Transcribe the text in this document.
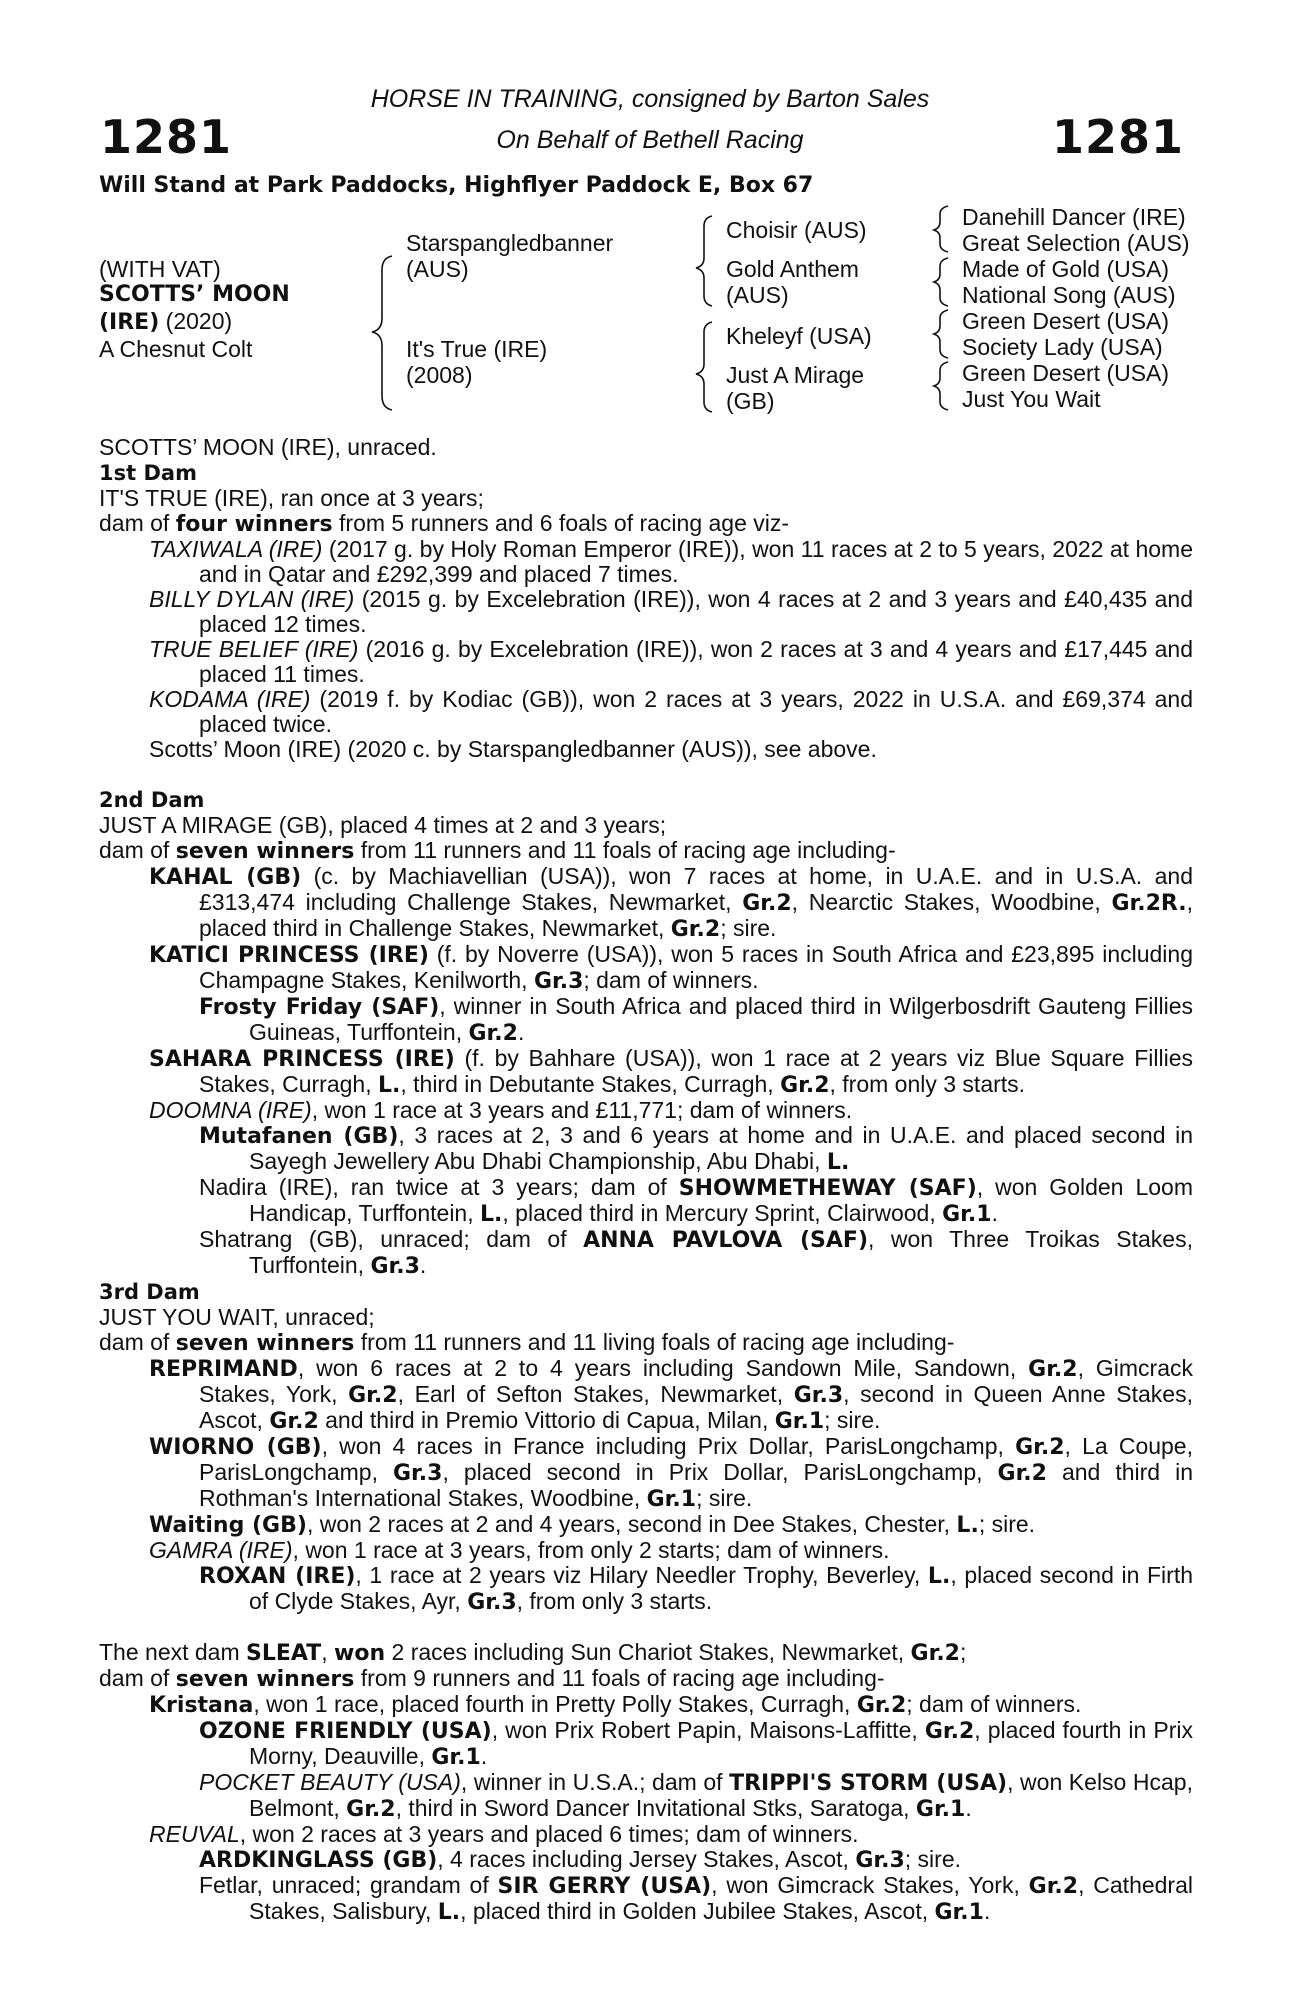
1281	1281
HORSE IN TRAINING, consigned by Barton Sales
On Behalf of Bethell Racing
Will Stand at Park Paddocks, Highflyer Paddock E, Box 67
(WITH VAT)
SCOTTS’ MOON
(IRE) (2020)
A Chesnut Colt
Starspangledbanner
(AUS)
It's True (IRE)
(2008)
Choisir (AUS)
Gold Anthem
(AUS)
Kheleyf (USA)
Just A Mirage
(GB)
Danehill Dancer (IRE)
Great Selection (AUS)
Made of Gold (USA)
National Song (AUS)
Green Desert (USA)
Society Lady (USA)
Green Desert (USA)
Just You Wait
SCOTTS’ MOON (IRE), unraced.
1st Dam
IT'S TRUE (IRE), ran once at 3 years;
dam of four winners from 5 runners and 6 foals of racing age viz-
TAXIWALA (IRE) (2017 g. by Holy Roman Emperor (IRE)), won 11 races at 2 to 5 years, 2022 at home and in Qatar and £292,399 and placed 7 times.
BILLY DYLAN (IRE) (2015 g. by Excelebration (IRE)), won 4 races at 2 and 3 years and £40,435 and placed 12 times.
TRUE BELIEF (IRE) (2016 g. by Excelebration (IRE)), won 2 races at 3 and 4 years and £17,445 and placed 11 times.
KODAMA (IRE) (2019 f. by Kodiac (GB)), won 2 races at 3 years, 2022 in U.S.A. and £69,374 and placed twice.
Scotts’ Moon (IRE) (2020 c. by Starspangledbanner (AUS)), see above.
2nd Dam
JUST A MIRAGE (GB), placed 4 times at 2 and 3 years;
dam of seven winners from 11 runners and 11 foals of racing age including-
KAHAL (GB) (c. by Machiavellian (USA)), won 7 races at home, in U.A.E. and in U.S.A. and £313,474 including Challenge Stakes, Newmarket, Gr.2, Nearctic Stakes, Woodbine, Gr.2R., placed third in Challenge Stakes, Newmarket, Gr.2; sire.
KATICI PRINCESS (IRE) (f. by Noverre (USA)), won 5 races in South Africa and £23,895 including Champagne Stakes, Kenilworth, Gr.3; dam of winners.
Frosty Friday (SAF), winner in South Africa and placed third in Wilgerbosdrift Gauteng Fillies Guineas, Turffontein, Gr.2.
SAHARA PRINCESS (IRE) (f. by Bahhare (USA)), won 1 race at 2 years viz Blue Square Fillies Stakes, Curragh, L., third in Debutante Stakes, Curragh, Gr.2, from only 3 starts.
DOOMNA (IRE), won 1 race at 3 years and £11,771; dam of winners.
Mutafanen (GB), 3 races at 2, 3 and 6 years at home and in U.A.E. and placed second in Sayegh Jewellery Abu Dhabi Championship, Abu Dhabi, L.
Nadira (IRE), ran twice at 3 years; dam of SHOWMETHEWAY (SAF), won Golden Loom Handicap, Turffontein, L., placed third in Mercury Sprint, Clairwood, Gr.1.
Shatrang (GB), unraced; dam of ANNA PAVLOVA (SAF), won Three Troikas Stakes, Turffontein, Gr.3.
3rd Dam
JUST YOU WAIT, unraced;
dam of seven winners from 11 runners and 11 living foals of racing age including-
REPRIMAND, won 6 races at 2 to 4 years including Sandown Mile, Sandown, Gr.2, Gimcrack Stakes, York, Gr.2, Earl of Sefton Stakes, Newmarket, Gr.3, second in Queen Anne Stakes, Ascot, Gr.2 and third in Premio Vittorio di Capua, Milan, Gr.1; sire.
WIORNO (GB), won 4 races in France including Prix Dollar, ParisLongchamp, Gr.2, La Coupe, ParisLongchamp, Gr.3, placed second in Prix Dollar, ParisLongchamp, Gr.2 and third in Rothman's International Stakes, Woodbine, Gr.1; sire.
Waiting (GB), won 2 races at 2 and 4 years, second in Dee Stakes, Chester, L.; sire.
GAMRA (IRE), won 1 race at 3 years, from only 2 starts; dam of winners.
ROXAN (IRE), 1 race at 2 years viz Hilary Needler Trophy, Beverley, L., placed second in Firth of Clyde Stakes, Ayr, Gr.3, from only 3 starts.
The next dam SLEAT, won 2 races including Sun Chariot Stakes, Newmarket, Gr.2;
dam of seven winners from 9 runners and 11 foals of racing age including-
Kristana, won 1 race, placed fourth in Pretty Polly Stakes, Curragh, Gr.2; dam of winners.
OZONE FRIENDLY (USA), won Prix Robert Papin, Maisons-Laffitte, Gr.2, placed fourth in Prix Morny, Deauville, Gr.1.
POCKET BEAUTY (USA), winner in U.S.A.; dam of TRIPPI'S STORM (USA), won Kelso Hcap, Belmont, Gr.2, third in Sword Dancer Invitational Stks, Saratoga, Gr.1.
REUVAL, won 2 races at 3 years and placed 6 times; dam of winners.
ARDKINGLASS (GB), 4 races including Jersey Stakes, Ascot, Gr.3; sire.
Fetlar, unraced; grandam of SIR GERRY (USA), won Gimcrack Stakes, York, Gr.2, Cathedral Stakes, Salisbury, L., placed third in Golden Jubilee Stakes, Ascot, Gr.1.
